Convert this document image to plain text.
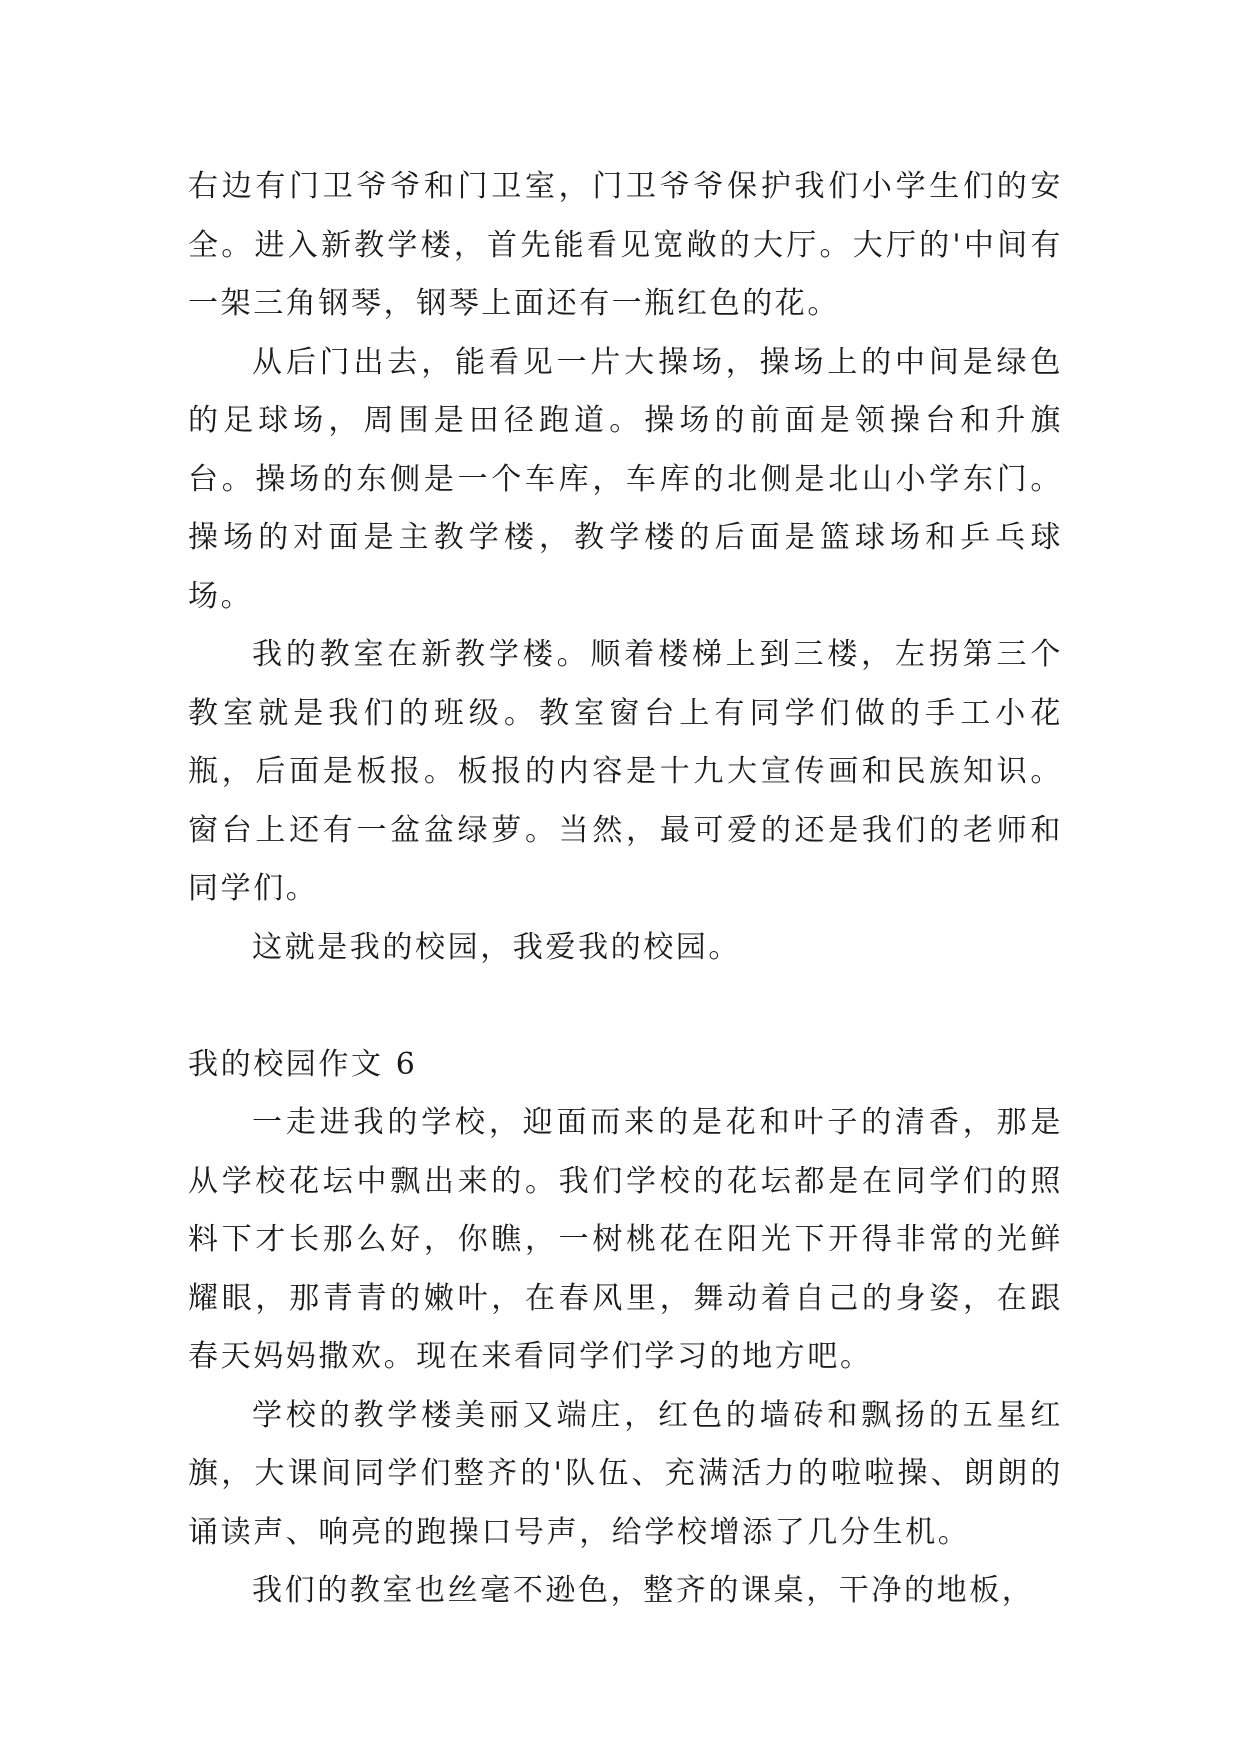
右边有门卫爷爷和门卫室，门卫爷爷保护我们小学生们的安全。进入新教学楼，首先能看见宽敞的大厅。大厅的'中间有一架三角钢琴，钢琴上面还有一瓶红色的花。

从后门出去，能看见一片大操场，操场上的中间是绿色的足球场，周围是田径跑道。操场的前面是领操台和升旗台。操场的东侧是一个车库，车库的北侧是北山小学东门。操场的对面是主教学楼，教学楼的后面是篮球场和乒乓球场。

我的教室在新教学楼。顺着楼梯上到三楼，左拐第三个教室就是我们的班级。教室窗台上有同学们做的手工小花瓶，后面是板报。板报的内容是十九大宣传画和民族知识。窗台上还有一盆盆绿萝。当然，最可爱的还是我们的老师和同学们。

这就是我的校园，我爱我的校园。

我的校园作文 6

一走进我的学校，迎面而来的是花和叶子的清香，那是从学校花坛中飘出来的。我们学校的花坛都是在同学们的照料下才长那么好，你瞧，一树桃花在阳光下开得非常的光鲜耀眼，那青青的嫩叶，在春风里，舞动着自己的身姿，在跟春天妈妈撒欢。现在来看同学们学习的地方吧。

学校的教学楼美丽又端庄，红色的墙砖和飘扬的五星红旗，大课间同学们整齐的'队伍、充满活力的啦啦操、朗朗的诵读声、响亮的跑操口号声，给学校增添了几分生机。

我们的教室也丝毫不逊色，整齐的课桌，干净的地板，
